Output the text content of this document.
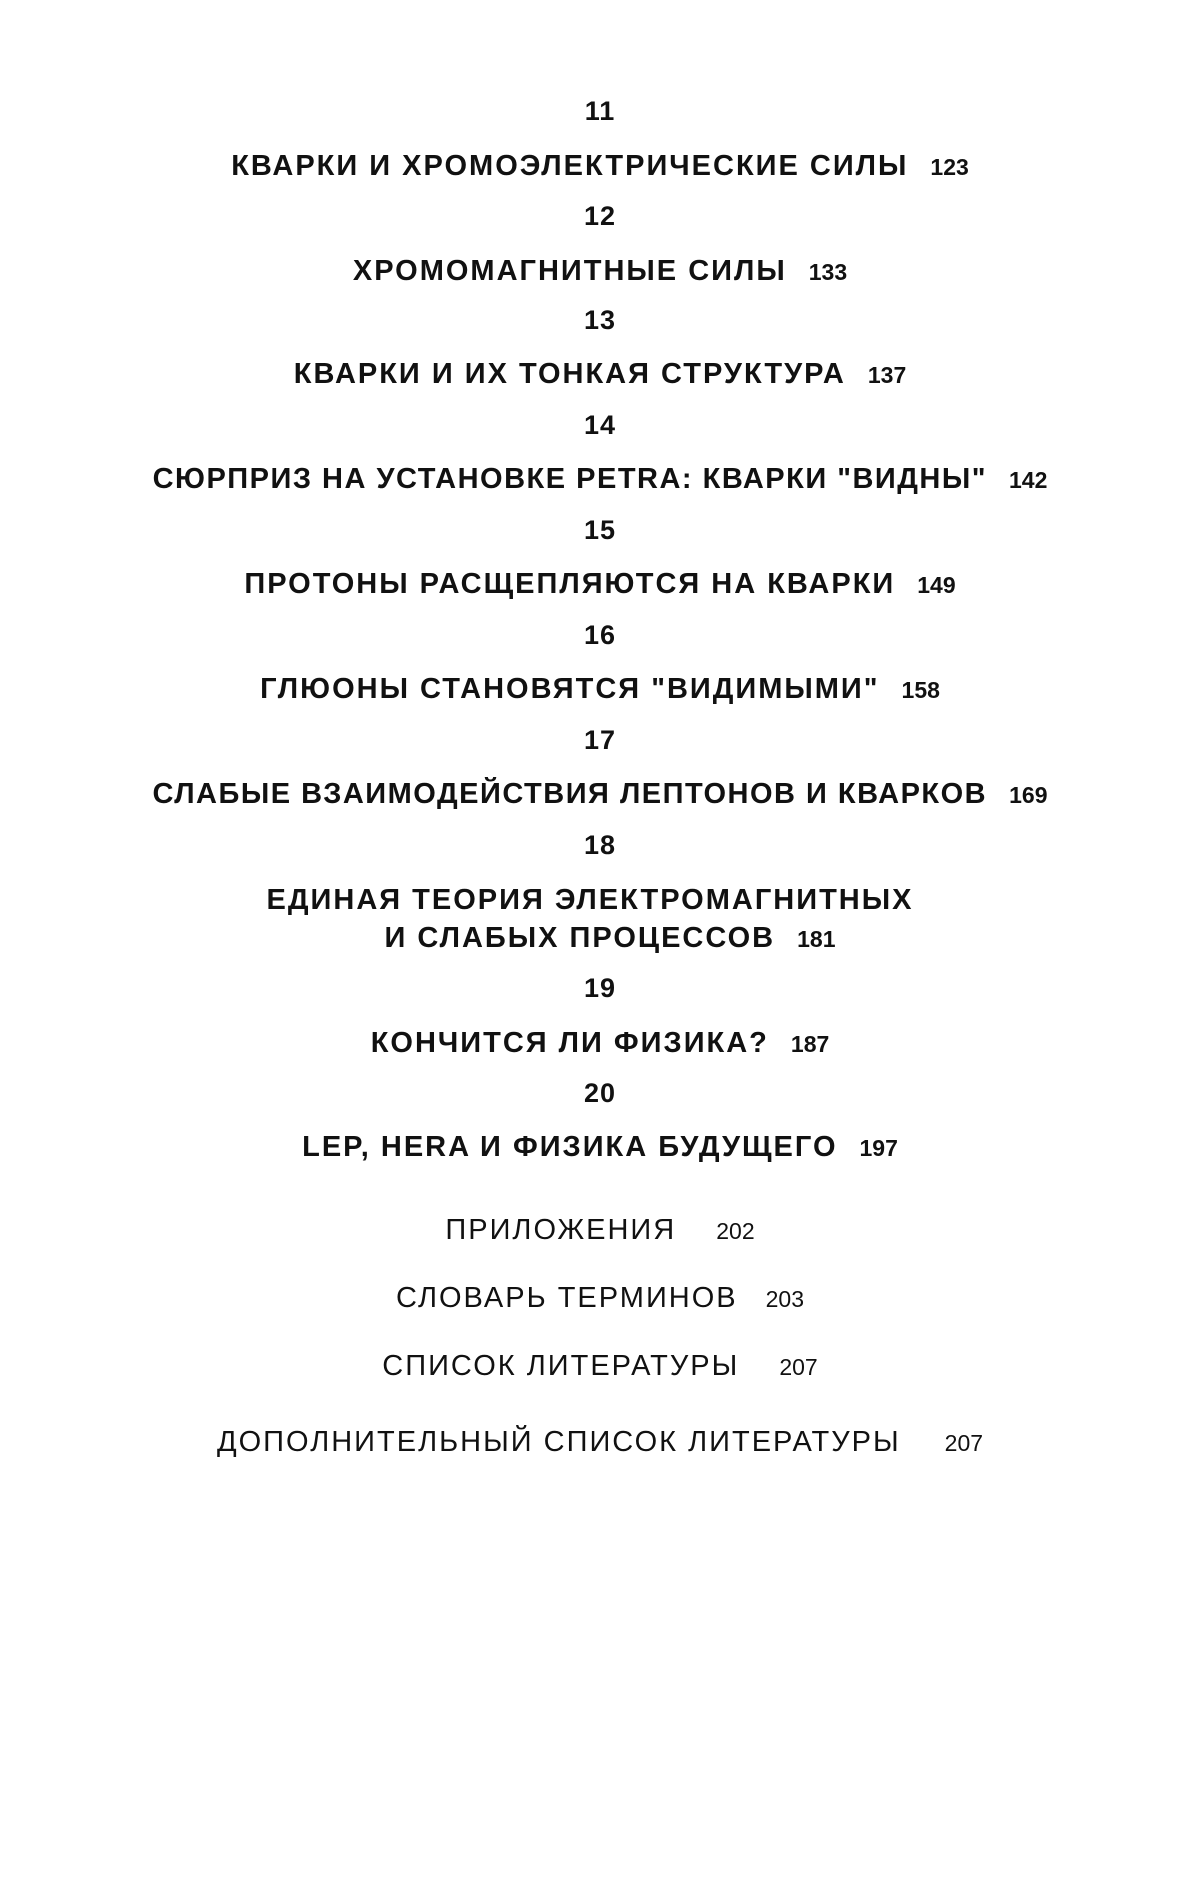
11
КВАРКИ И ХРОМОЭЛЕКТРИЧЕСКИЕ СИЛЫ 123
12
ХРОМОМАГНИТНЫЕ СИЛЫ 133
13
КВАРКИ И ИХ ТОНКАЯ СТРУКТУРА 137
14
СЮРПРИЗ НА УСТАНОВКЕ PETRA: КВАРКИ "ВИДНЫ" 142
15
ПРОТОНЫ РАСЩЕПЛЯЮТСЯ НА КВАРКИ 149
16
ГЛЮОНЫ СТАНОВЯТСЯ "ВИДИМЫМИ" 158
17
СЛАБЫЕ ВЗАИМОДЕЙСТВИЯ ЛЕПТОНОВ И КВАРКОВ 169
18
ЕДИНАЯ ТЕОРИЯ ЭЛЕКТРОМАГНИТНЫХ
И СЛАБЫХ ПРОЦЕССОВ 181
19
КОНЧИТСЯ ЛИ ФИЗИКА? 187
20
LEP, HERA И ФИЗИКА БУДУЩЕГО 197
ПРИЛОЖЕНИЯ 202
СЛОВАРЬ ТЕРМИНОВ 203
СПИСОК ЛИТЕРАТУРЫ 207
ДОПОЛНИТЕЛЬНЫЙ СПИСОК ЛИТЕРАТУРЫ 207
